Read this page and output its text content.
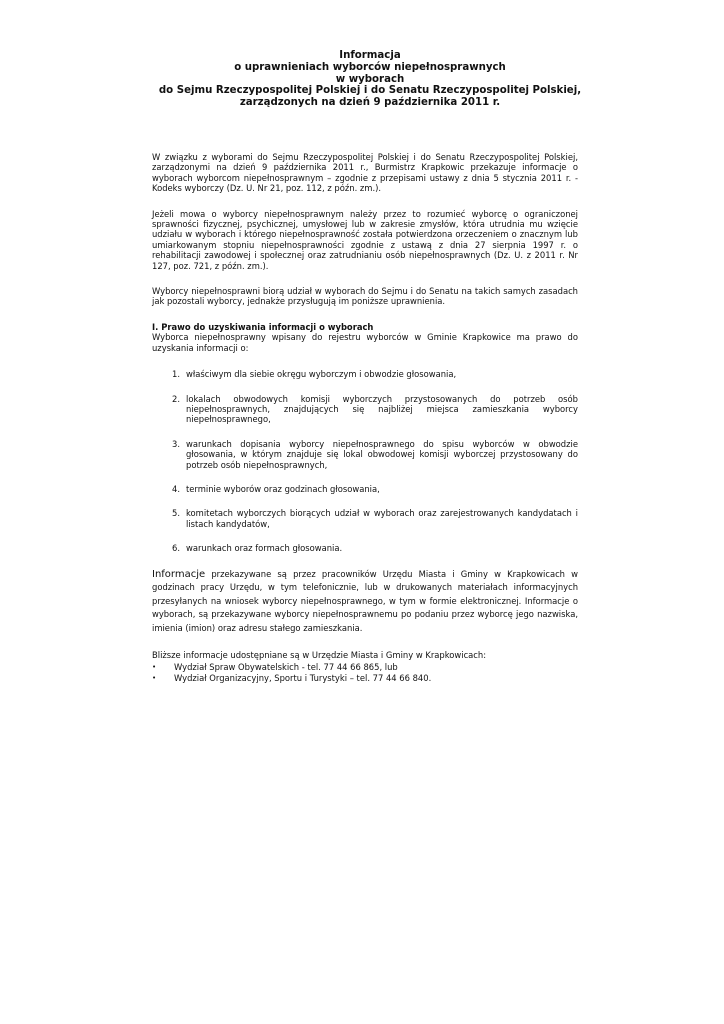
Informacja
o uprawnieniach wyborców niepełnosprawnych
w wyborach
do Sejmu Rzeczypospolitej Polskiej i do Senatu Rzeczypospolitej Polskiej,
zarządzonych na dzień 9 października 2011 r.

W związku z wyborami do Sejmu Rzeczypospolitej Polskiej i do Senatu Rzeczypospolitej Polskiej, zarządzonymi na dzień 9 października 2011 r., Burmistrz Krapkowic przekazuje informacje o wyborach wyborcom niepełnosprawnym – zgodnie z przepisami ustawy z dnia 5 stycznia 2011 r. - Kodeks wyborczy (Dz. U. Nr 21, poz. 112, z późn. zm.).

Jeżeli mowa o wyborcy niepełnosprawnym należy przez to rozumieć wyborcę o ograniczonej sprawności fizycznej, psychicznej, umysłowej lub w zakresie zmysłów, która utrudnia mu wzięcie udziału w wyborach i którego niepełnosprawność została potwierdzona orzeczeniem o znacznym lub umiarkowanym stopniu niepełnosprawności zgodnie z ustawą z dnia 27 sierpnia 1997 r. o rehabilitacji zawodowej i społecznej oraz zatrudnianiu osób niepełnosprawnych (Dz. U. z 2011 r. Nr 127, poz. 721, z późn. zm.).

Wyborcy niepełnosprawni biorą udział w wyborach do Sejmu i do Senatu na takich samych zasadach jak pozostali wyborcy, jednakże przysługują im poniższe uprawnienia.

I. Prawo do uzyskiwania informacji o wyborach

Wyborca niepełnosprawny wpisany do rejestru wyborców w Gminie Krapkowice ma prawo do uzyskania informacji o:

1. właściwym dla siebie okręgu wyborczym i obwodzie głosowania,
2. lokalach obwodowych komisji wyborczych przystosowanych do potrzeb osób niepełnosprawnych, znajdujących się najbliżej miejsca zamieszkania wyborcy niepełnosprawnego,
3. warunkach dopisania wyborcy niepełnosprawnego do spisu wyborców w obwodzie głosowania, w którym znajduje się lokal obwodowej komisji wyborczej przystosowany do potrzeb osób niepełnosprawnych,
4. terminie wyborów oraz godzinach głosowania,
5. komitetach wyborczych biorących udział w wyborach oraz zarejestrowanych kandydatach i listach kandydatów,
6. warunkach oraz formach głosowania.

Informacje przekazywane są przez pracowników Urzędu Miasta i Gminy w Krapkowicach w godzinach pracy Urzędu, w tym telefonicznie, lub w drukowanych materiałach informacyjnych przesyłanych na wniosek wyborcy niepełnosprawnego, w tym w formie elektronicznej. Informacje o wyborach, są przekazywane wyborcy niepełnosprawnemu po podaniu przez wyborcę jego nazwiska, imienia (imion) oraz adresu stałego zamieszkania.

Bliższe informacje udostępniane są w Urzędzie Miasta i Gminy w Krapkowicach:

•	Wydział Spraw Obywatelskich - tel. 77 44 66 865, lub
•	Wydział Organizacyjny, Sportu i Turystyki – tel. 77 44 66 840.
